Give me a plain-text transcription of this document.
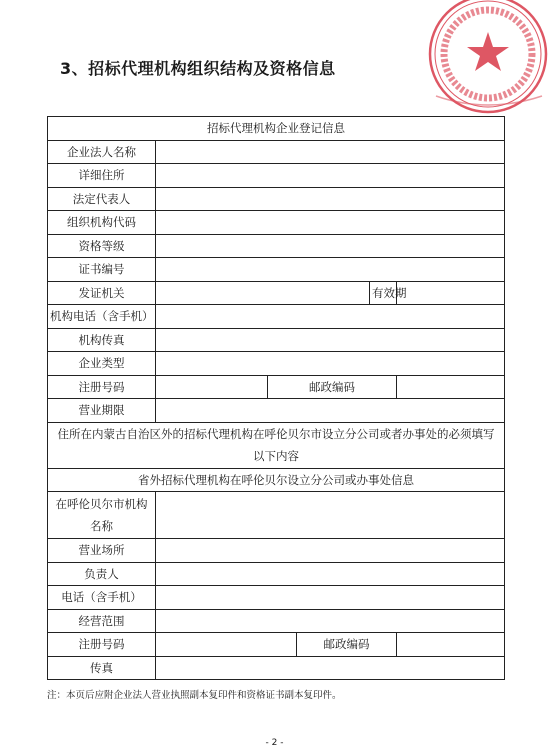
3、招标代理机构组织结构及资格信息
招标代理机构企业登记信息					
企业法人名称					
详细住所					
法定代表人					
组织机构代码					
资格等级					
证书编号					
发证机关				有效期	
机构电话（含手机）					
机构传真					
企业类型					
注册号码		邮政编码			
营业期限					
住所在内蒙古自治区外的招标代理机构在呼伦贝尔市设立分公司或者办事处的必须填写以下内容					
省外招标代理机构在呼伦贝尔设立分公司或办事处信息					
在呼伦贝尔市机构名称					
营业场所					
负责人					
电话（含手机）					
经营范围					
注册号码			邮政编码		
传真					
注：本页后应附企业法人营业执照副本复印件和资格证书副本复印件。
- 2 -
